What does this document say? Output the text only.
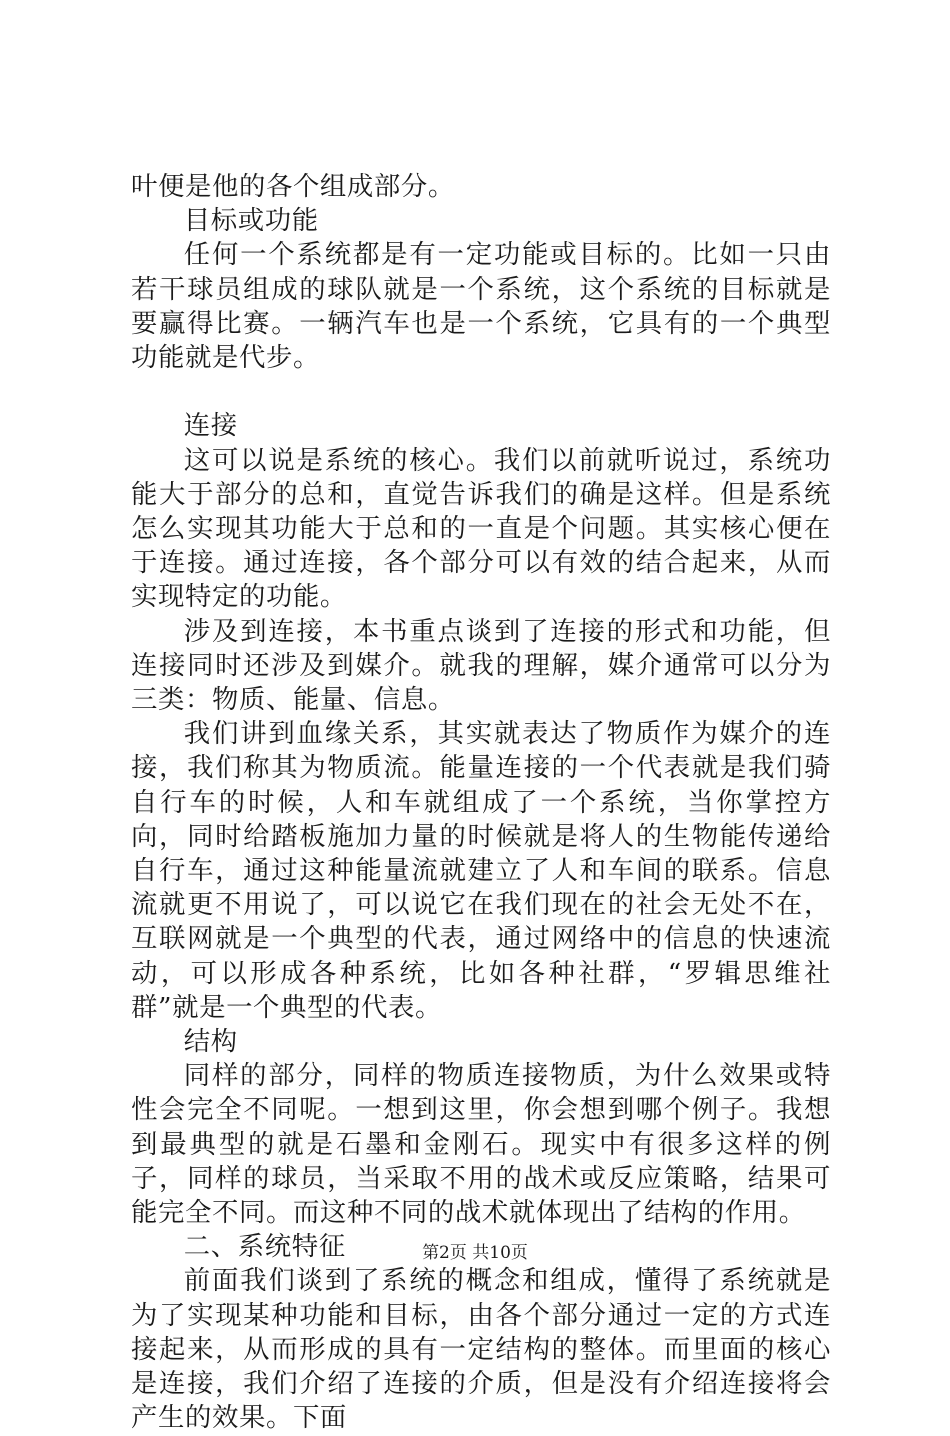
叶便是他的各个组成部分。

目标或功能

任何一个系统都是有一定功能或目标的。比如一只由若干球员组成的球队就是一个系统，这个系统的目标就是要赢得比赛。一辆汽车也是一个系统，它具有的一个典型功能就是代步。

连接

这可以说是系统的核心。我们以前就听说过，系统功能大于部分的总和，直觉告诉我们的确是这样。但是系统怎么实现其功能大于总和的一直是个问题。其实核心便在于连接。通过连接，各个部分可以有效的结合起来，从而实现特定的功能。

涉及到连接，本书重点谈到了连接的形式和功能，但连接同时还涉及到媒介。就我的理解，媒介通常可以分为三类：物质、能量、信息。

我们讲到血缘关系，其实就表达了物质作为媒介的连接，我们称其为物质流。能量连接的一个代表就是我们骑自行车的时候，人和车就组成了一个系统，当你掌控方向，同时给踏板施加力量的时候就是将人的生物能传递给自行车，通过这种能量流就建立了人和车间的联系。信息流就更不用说了，可以说它在我们现在的社会无处不在，互联网就是一个典型的代表，通过网络中的信息的快速流动，可以形成各种系统，比如各种社群，“罗辑思维社群”就是一个典型的代表。

结构

同样的部分，同样的物质连接物质，为什么效果或特性会完全不同呢。一想到这里，你会想到哪个例子。我想到最典型的就是石墨和金刚石。现实中有很多这样的例子，同样的球员，当采取不用的战术或反应策略，结果可能完全不同。而这种不同的战术就体现出了结构的作用。

二、系统特征

前面我们谈到了系统的概念和组成，懂得了系统就是为了实现某种功能和目标，由各个部分通过一定的方式连接起来，从而形成的具有一定结构的整体。而里面的核心是连接，我们介绍了连接的介质，但是没有介绍连接将会产生的效果。下面

第2页 共10页
